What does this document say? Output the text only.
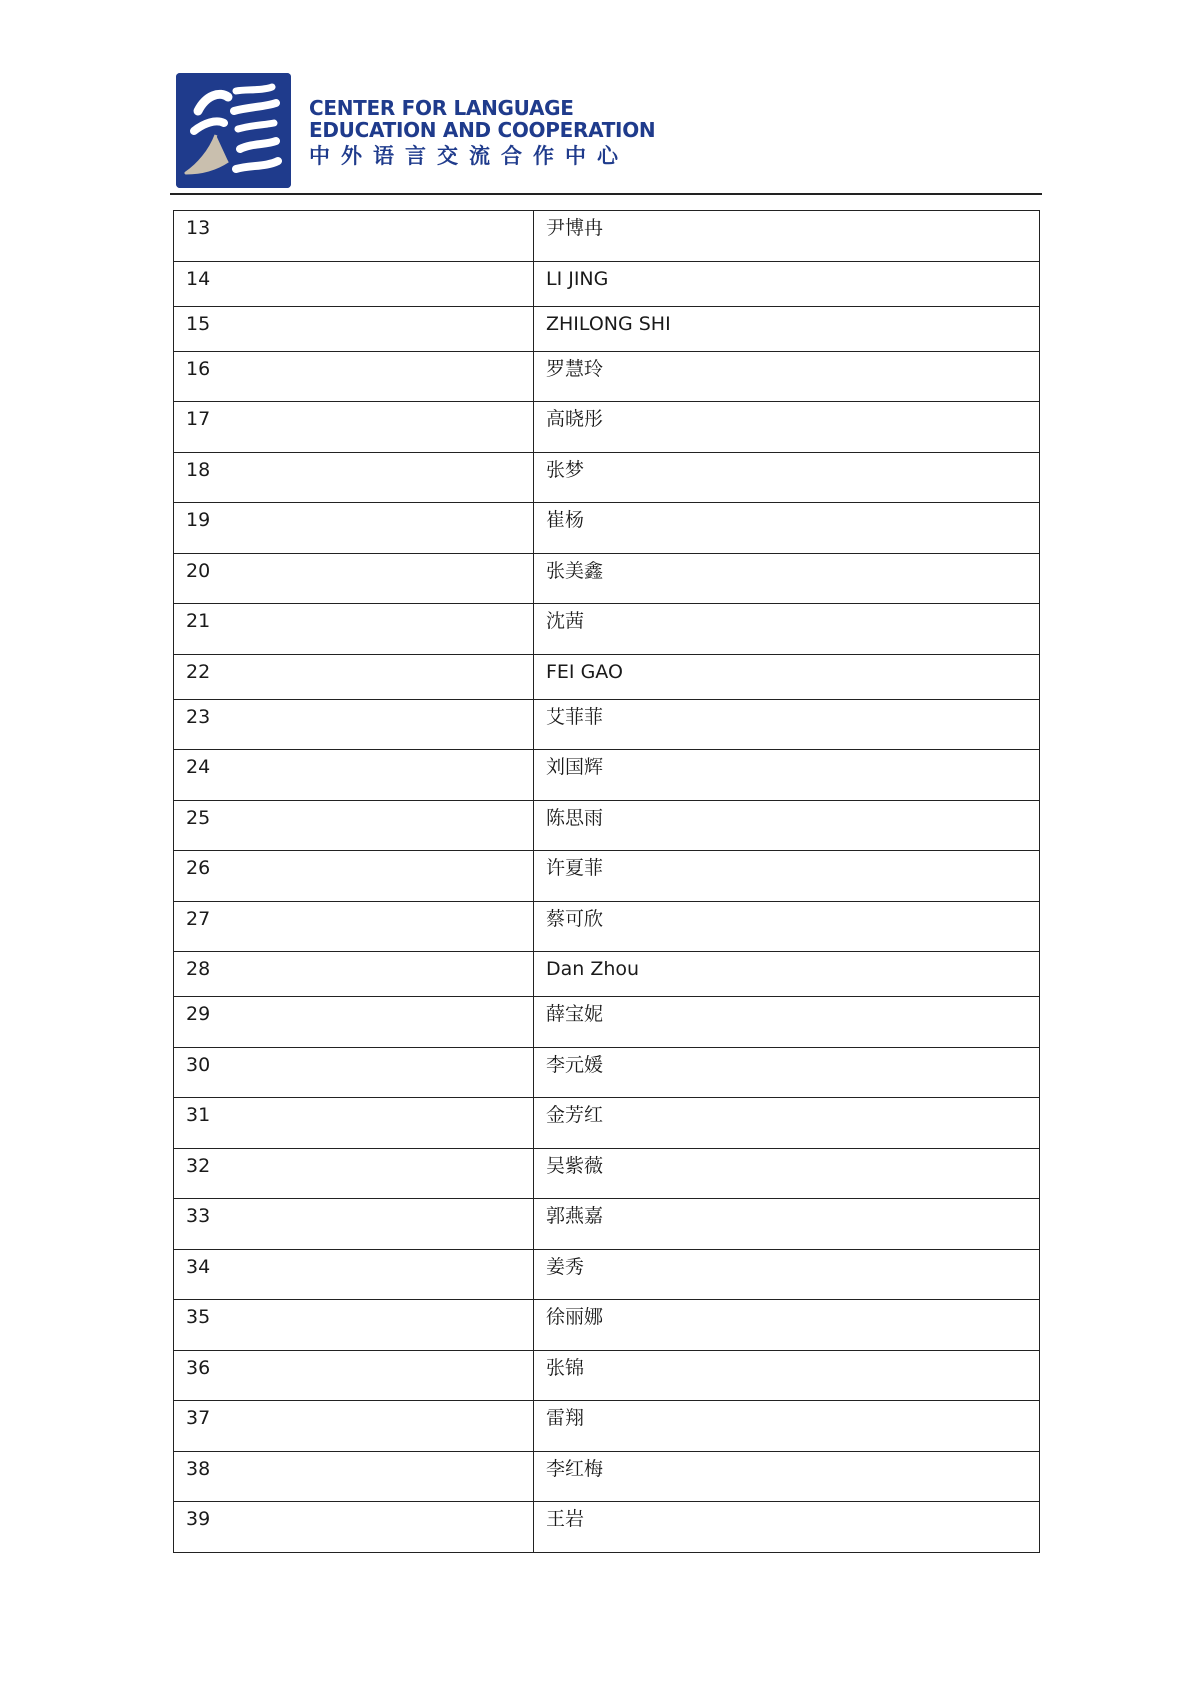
CENTER FOR LANGUAGE
EDUCATION AND COOPERATION
中外语言交流合作中心
13	尹博冉
14	LI JING
15	ZHILONG SHI
16	罗慧玲
17	高晓彤
18	张梦
19	崔杨
20	张美鑫
21	沈茜
22	FEI GAO
23	艾菲菲
24	刘国辉
25	陈思雨
26	许夏菲
27	蔡可欣
28	Dan Zhou
29	薛宝妮
30	李元媛
31	金芳红
32	吴紫薇
33	郭燕嘉
34	姜秀
35	徐丽娜
36	张锦
37	雷翔
38	李红梅
39	王岩
